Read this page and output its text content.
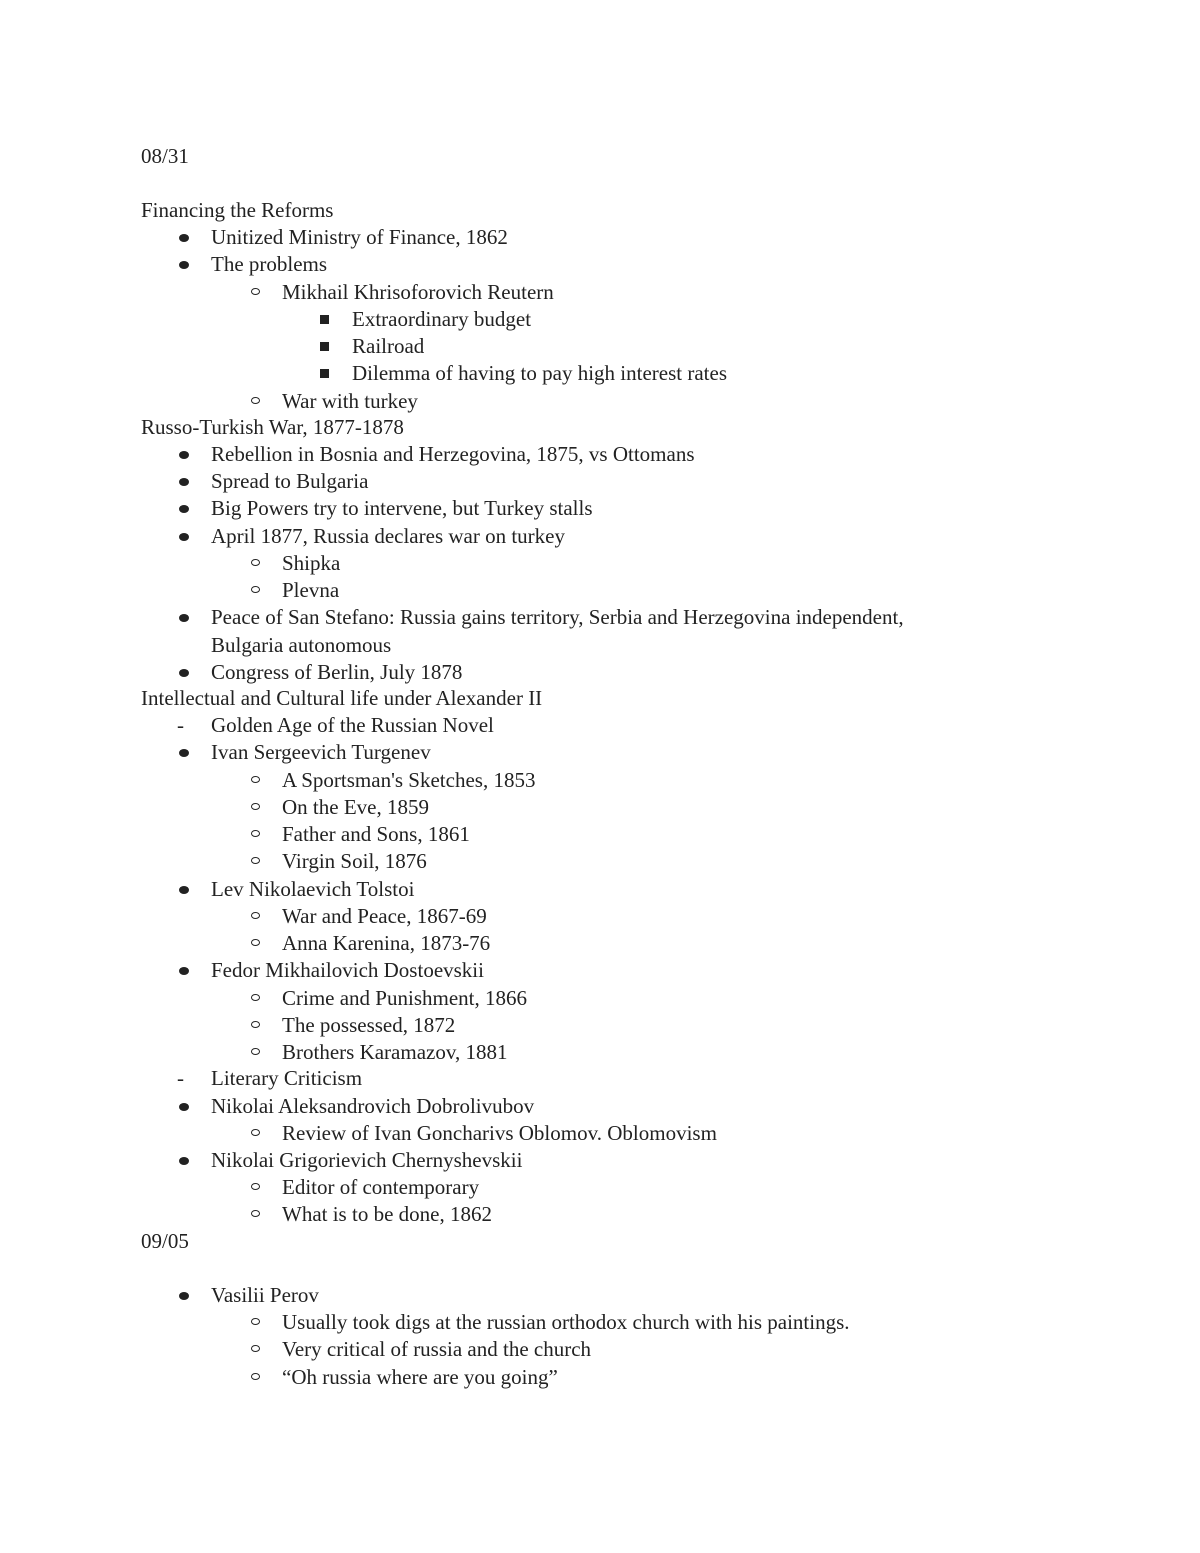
08/31
Financing the Reforms
Unitized Ministry of Finance, 1862
The problems
Mikhail Khrisoforovich Reutern
Extraordinary budget
Railroad
Dilemma of having to pay high interest rates
War with turkey
Russo-Turkish War, 1877-1878
Rebellion in Bosnia and Herzegovina, 1875, vs Ottomans
Spread to Bulgaria
Big Powers try to intervene, but Turkey stalls
April 1877, Russia declares war on turkey
Shipka
Plevna
Peace of San Stefano: Russia gains territory, Serbia and Herzegovina independent,
Bulgaria autonomous
Congress of Berlin, July 1878
Intellectual and Cultural life under Alexander II
- Golden Age of the Russian Novel
Ivan Sergeevich Turgenev
A Sportsman's Sketches, 1853
On the Eve, 1859
Father and Sons, 1861
Virgin Soil, 1876
Lev Nikolaevich Tolstoi
War and Peace, 1867-69
Anna Karenina, 1873-76
Fedor Mikhailovich Dostoevskii
Crime and Punishment, 1866
The possessed, 1872
Brothers Karamazov, 1881
- Literary Criticism
Nikolai Aleksandrovich Dobrolivubov
Review of Ivan Goncharivs Oblomov. Oblomovism
Nikolai Grigorievich Chernyshevskii
Editor of contemporary
What is to be done, 1862
09/05
Vasilii Perov
Usually took digs at the russian orthodox church with his paintings.
Very critical of russia and the church
“Oh russia where are you going”
